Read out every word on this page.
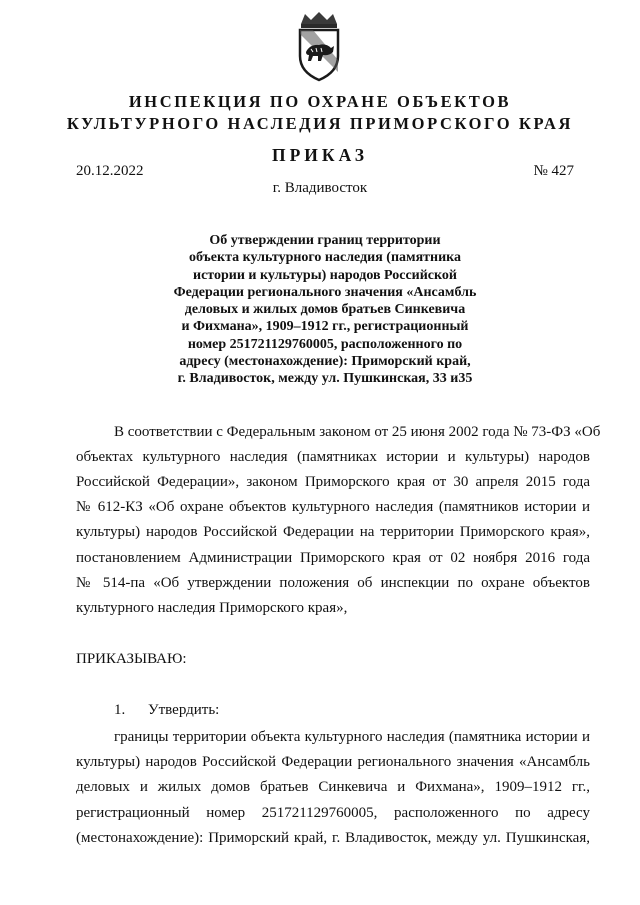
ИНСПЕКЦИЯ ПО ОХРАНЕ ОБЪЕКТОВ
КУЛЬТУРНОГО НАСЛЕДИЯ ПРИМОРСКОГО КРАЯ
ПРИКАЗ
20.12.2022	№ 427
г. Владивосток
Об утверждении границ территории
объекта культурного наследия (памятника
истории и культуры) народов Российской
Федерации регионального значения «Ансамбль
деловых и жилых домов братьев Синкевича
и Фихмана», 1909–1912 гг., регистрационный
номер 251721129760005, расположенного по
адресу (местонахождение): Приморский край,
г. Владивосток, между ул. Пушкинская, 33 и35
В соответствии с Федеральным законом от 25 июня 2002 года № 73-ФЗ «Об
объектах культурного наследия (памятниках истории и культуры) народов
Российской Федерации», законом Приморского края от 30 апреля 2015 года
№ 612-КЗ «Об охране объектов культурного наследия (памятников истории и
культуры) народов Российской Федерации на территории Приморского края»,
постановлением Администрации Приморского края от 02 ноября 2016 года
№ 514-па «Об утверждении положения об инспекции по охране объектов
культурного наследия Приморского края»,
ПРИКАЗЫВАЮ:
1. Утвердить:
границы территории объекта культурного наследия (памятника истории и
культуры) народов Российской Федерации регионального значения «Ансамбль
деловых и жилых домов братьев Синкевича и Фихмана», 1909–1912 гг.,
регистрационный номер 251721129760005, расположенного по адресу
(местонахождение): Приморский край, г. Владивосток, между ул. Пушкинская,
